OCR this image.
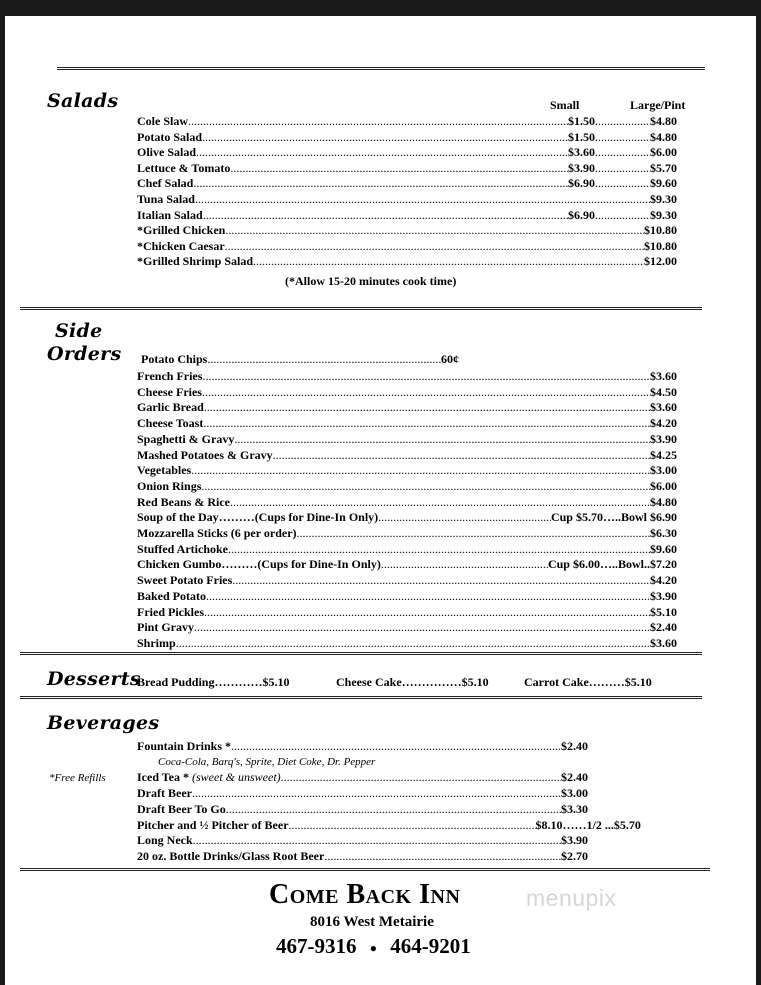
Salads	Small	Large/Pint
Cole Slaw .....	$1.50 .....	$4.80
Potato Salad .....	$1.50 .....	$4.80
Olive Salad .....	$3.60 .....	$6.00
Lettuce & Tomato .....	$3.90 .....	$5.70
Chef Salad .....	$6.90 .....	$9.60
Tuna Salad .....	$9.30
Italian Salad .....	$6.90 .....	$9.30
*Grilled Chicken .....	$10.80
*Chicken Caesar .....	$10.80
*Grilled Shrimp Salad .....	$12.00
(*Allow 15-20 minutes cook time)
Side
Orders Potato Chips .....	60¢
French Fries .....	$3.60
Cheese Fries .....	$4.50
Garlic Bread .....	$3.60
Cheese Toast .....	$4.20
Spaghetti & Gravy .....	$3.90
Mashed Potatoes & Gravy .....	$4.25
Vegetables .....	$3.00
Onion Rings .....	$6.00
Red Beans & Rice .....	$4.80
Soup of the Day ……… (Cups for Dine-In Only) .....	Cup $5.70 ….. Bowl $6.90
Mozzarella Sticks (6 per order) .....	$6.30
Stuffed Artichoke .....	$9.60
Chicken Gumbo ……… (Cups for Dine-In Only) .....	Cup $6.00 ….. Bowl..$7.20
Sweet Potato Fries .....	$4.20
Baked Potato .....	$3.90
Fried Pickles .....	$5.10
Pint Gravy .....	$2.40
Shrimp .....	$3.60
Desserts
Bread Pudding…………$5.10	Cheese Cake……………$5.10	Carrot Cake………$5.10
Beverages
Fountain Drinks * .....	$2.40
Coca-Cola, Barq's, Sprite, Diet Coke, Dr. Pepper
*Free Refills	Iced Tea * (sweet & unsweet) .....	$2.40
Draft Beer .....	$3.00
Draft Beer To Go .....	$3.30
Pitcher and ½ Pitcher of Beer .....	$8.10 …… 1/2 ...$5.70
Long Neck .....	$3.90
20 oz. Bottle Drinks/Glass Root Beer .....	$2.70
Come Back Inn	menupix
8016 West Metairie
467-9316 ● 464-9201
